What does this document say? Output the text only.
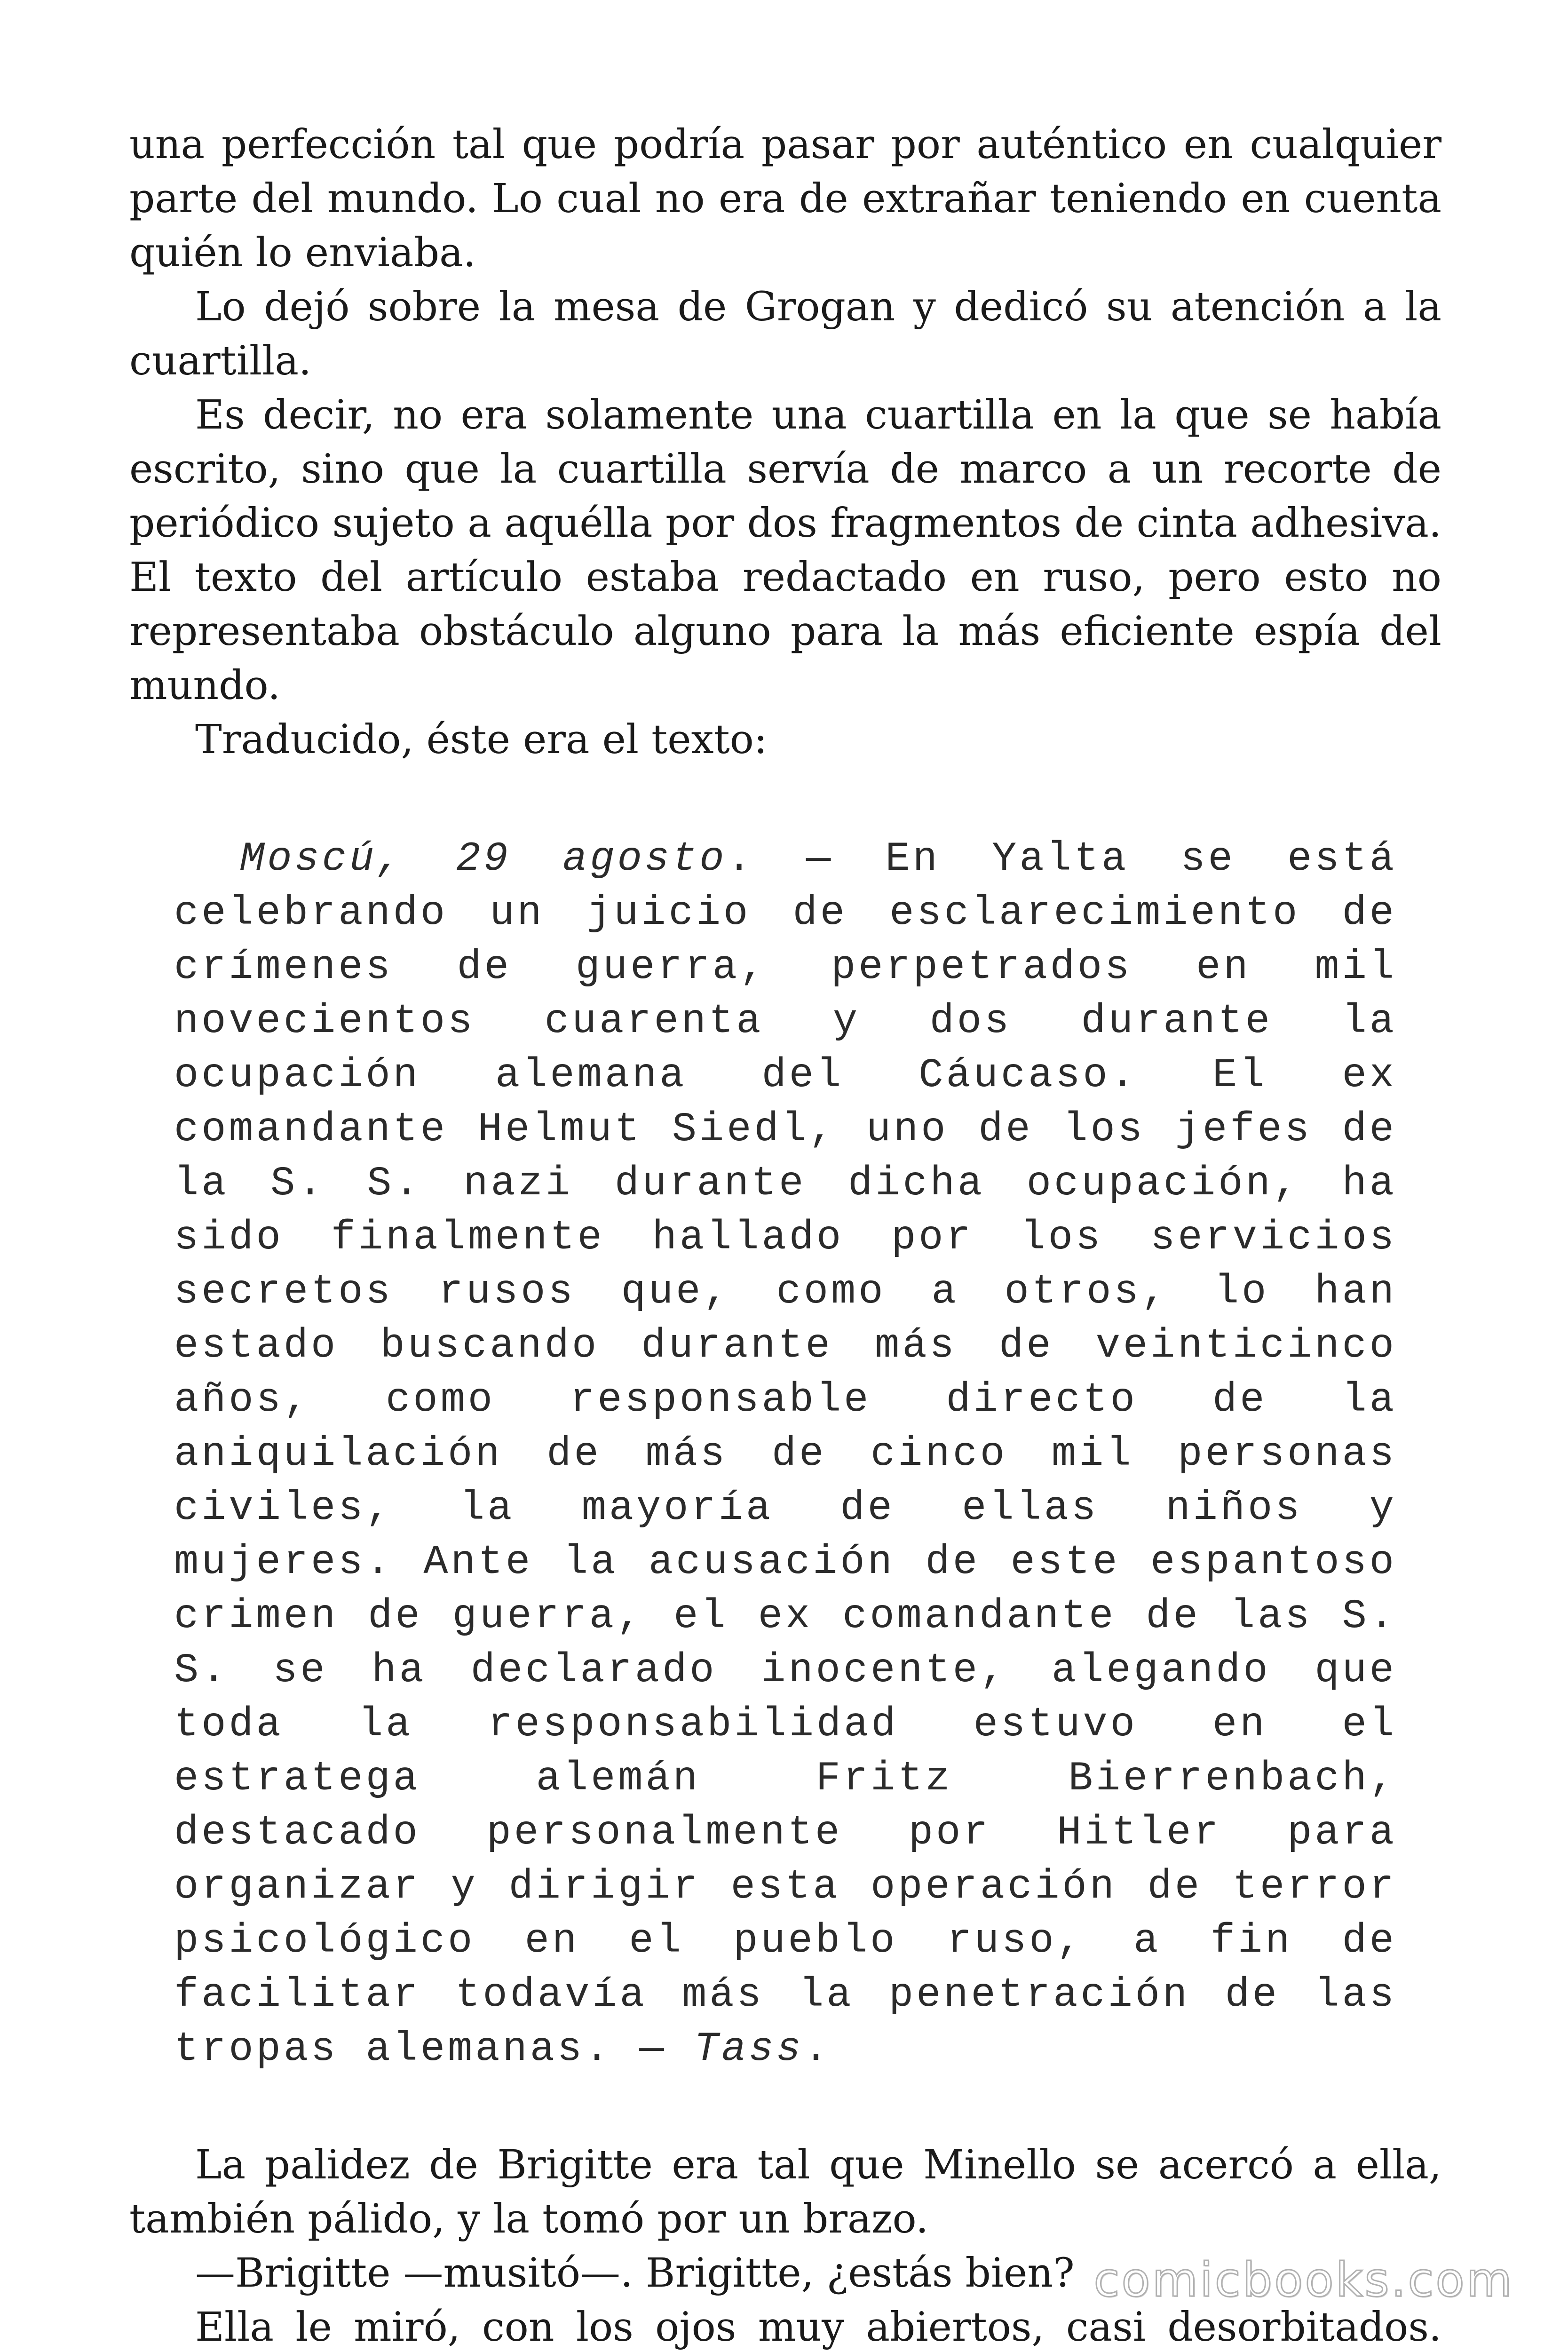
una perfección tal que podría pasar por auténtico en cualquier parte del mundo. Lo cual no era de extrañar teniendo en cuenta quién lo enviaba.

Lo dejó sobre la mesa de Grogan y dedicó su atención a la cuartilla.

Es decir, no era solamente una cuartilla en la que se había escrito, sino que la cuartilla servía de marco a un recorte de periódico sujeto a aquélla por dos fragmentos de cinta adhesiva. El texto del artículo estaba redactado en ruso, pero esto no representaba obstáculo alguno para la más eficiente espía del mundo.

Traducido, éste era el texto:

Moscú, 29 agosto. — En Yalta se está celebrando un juicio de esclarecimiento de crímenes de guerra, perpetrados en mil novecientos cuarenta y dos durante la ocupación alemana del Cáucaso. El ex comandante Helmut Siedl, uno de los jefes de la S. S. nazi durante dicha ocupación, ha sido finalmente hallado por los servicios secretos rusos que, como a otros, lo han estado buscando durante más de veinticinco años, como responsable directo de la aniquilación de más de cinco mil personas civiles, la mayoría de ellas niños y mujeres. Ante la acusación de este espantoso crimen de guerra, el ex comandante de las S. S. se ha declarado inocente, alegando que toda la responsabilidad estuvo en el estratega alemán Fritz Bierrenbach, destacado personalmente por Hitler para organizar y dirigir esta operación de terror psicológico en el pueblo ruso, a fin de facilitar todavía más la penetración de las tropas alemanas. — Tass.

La palidez de Brigitte era tal que Minello se acercó a ella, también pálido, y la tomó por un brazo.

—Brigitte —musitó—. Brigitte, ¿estás bien?

Ella le miró, con los ojos muy abiertos, casi desorbitados.

comicbooks.com
